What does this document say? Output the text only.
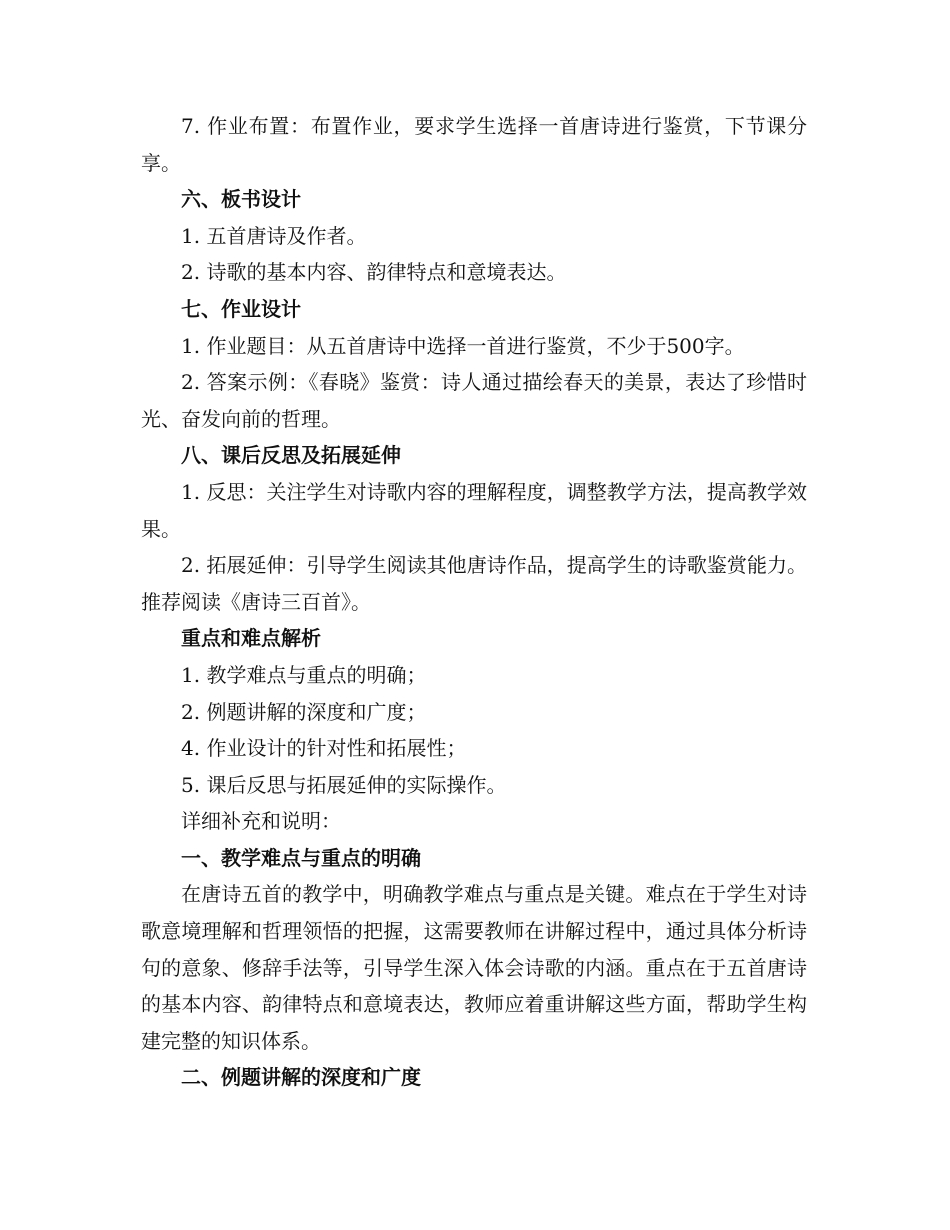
7. 作业布置：布置作业，要求学生选择一首唐诗进行鉴赏，下节课分享。

六、板书设计

1. 五首唐诗及作者。

2. 诗歌的基本内容、韵律特点和意境表达。

七、作业设计

1. 作业题目：从五首唐诗中选择一首进行鉴赏，不少于500字。

2. 答案示例：《春晓》鉴赏：诗人通过描绘春天的美景，表达了珍惜时光、奋发向前的哲理。

八、课后反思及拓展延伸

1. 反思：关注学生对诗歌内容的理解程度，调整教学方法，提高教学效果。

2. 拓展延伸：引导学生阅读其他唐诗作品，提高学生的诗歌鉴赏能力。推荐阅读《唐诗三百首》。

重点和难点解析

1. 教学难点与重点的明确；

2. 例题讲解的深度和广度；

4. 作业设计的针对性和拓展性；

5. 课后反思与拓展延伸的实际操作。

详细补充和说明：

一、教学难点与重点的明确

在唐诗五首的教学中，明确教学难点与重点是关键。难点在于学生对诗歌意境理解和哲理领悟的把握，这需要教师在讲解过程中，通过具体分析诗句的意象、修辞手法等，引导学生深入体会诗歌的内涵。重点在于五首唐诗的基本内容、韵律特点和意境表达，教师应着重讲解这些方面，帮助学生构建完整的知识体系。

二、例题讲解的深度和广度
